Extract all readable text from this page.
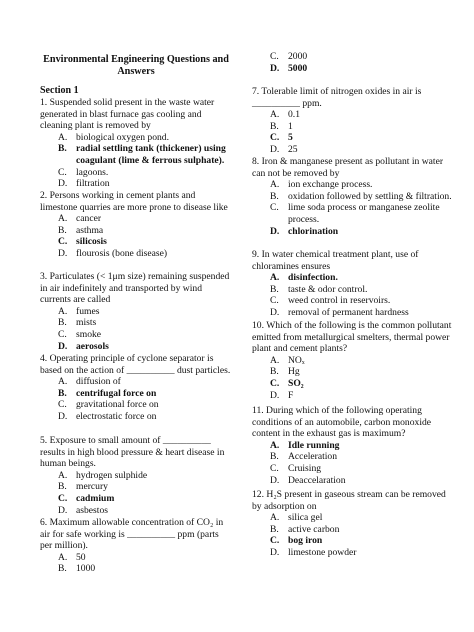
Environmental Engineering Questions and Answers
Section 1

1. Suspended solid present in the waste water generated in blast furnace gas cooling and cleaning plant is removed by

A. biological oxygen pond.
B. radial settling tank (thickener) using coagulant (lime & ferrous sulphate).
C. lagoons.
D. filtration

2. Persons working in cement plants and limestone quarries are more prone to disease like

A. cancer
B. asthma
C. silicosis
D. flourosis (bone disease)

3. Particulates (< 1μm size) remaining suspended in air indefinitely and transported by wind currents are called

A. fumes
B. mists
C. smoke
D. aerosols

4. Operating principle of cyclone separator is based on the action of __________ dust particles.

A. diffusion of
B. centrifugal force on
C. gravitational force on
D. electrostatic force on

5. Exposure to small amount of __________ results in high blood pressure & heart disease in human beings.

A. hydrogen sulphide
B. mercury
C. cadmium
D. asbestos

6. Maximum allowable concentration of CO₂ in air for safe working is __________ ppm (parts per million).

A. 50
B. 1000
C. 2000
D. 5000

7. Tolerable limit of nitrogen oxides in air is __________ ppm.

A. 0.1
B. 1
C. 5
D. 25

8. Iron & manganese present as pollutant in water can not be removed by

A. ion exchange process.
B. oxidation followed by settling & filtration.
C. lime soda process or manganese zeolite process.
D. chlorination

9. In water chemical treatment plant, use of chloramines ensures

A. disinfection.
B. taste & odor control.
C. weed control in reservoirs.
D. removal of permanent hardness

10. Which of the following is the common pollutant emitted from metallurgical smelters, thermal power plant and cement plants?

A. NOₓ
B. Hg
C. SO₂
D. F

11. During which of the following operating conditions of an automobile, carbon monoxide content in the exhaust gas is maximum?

A. Idle running
B. Acceleration
C. Cruising
D. Deaccelaration

12. H₂S present in gaseous stream can be removed by adsorption on

A. silica gel
B. active carbon
C. bog iron
D. limestone powder
